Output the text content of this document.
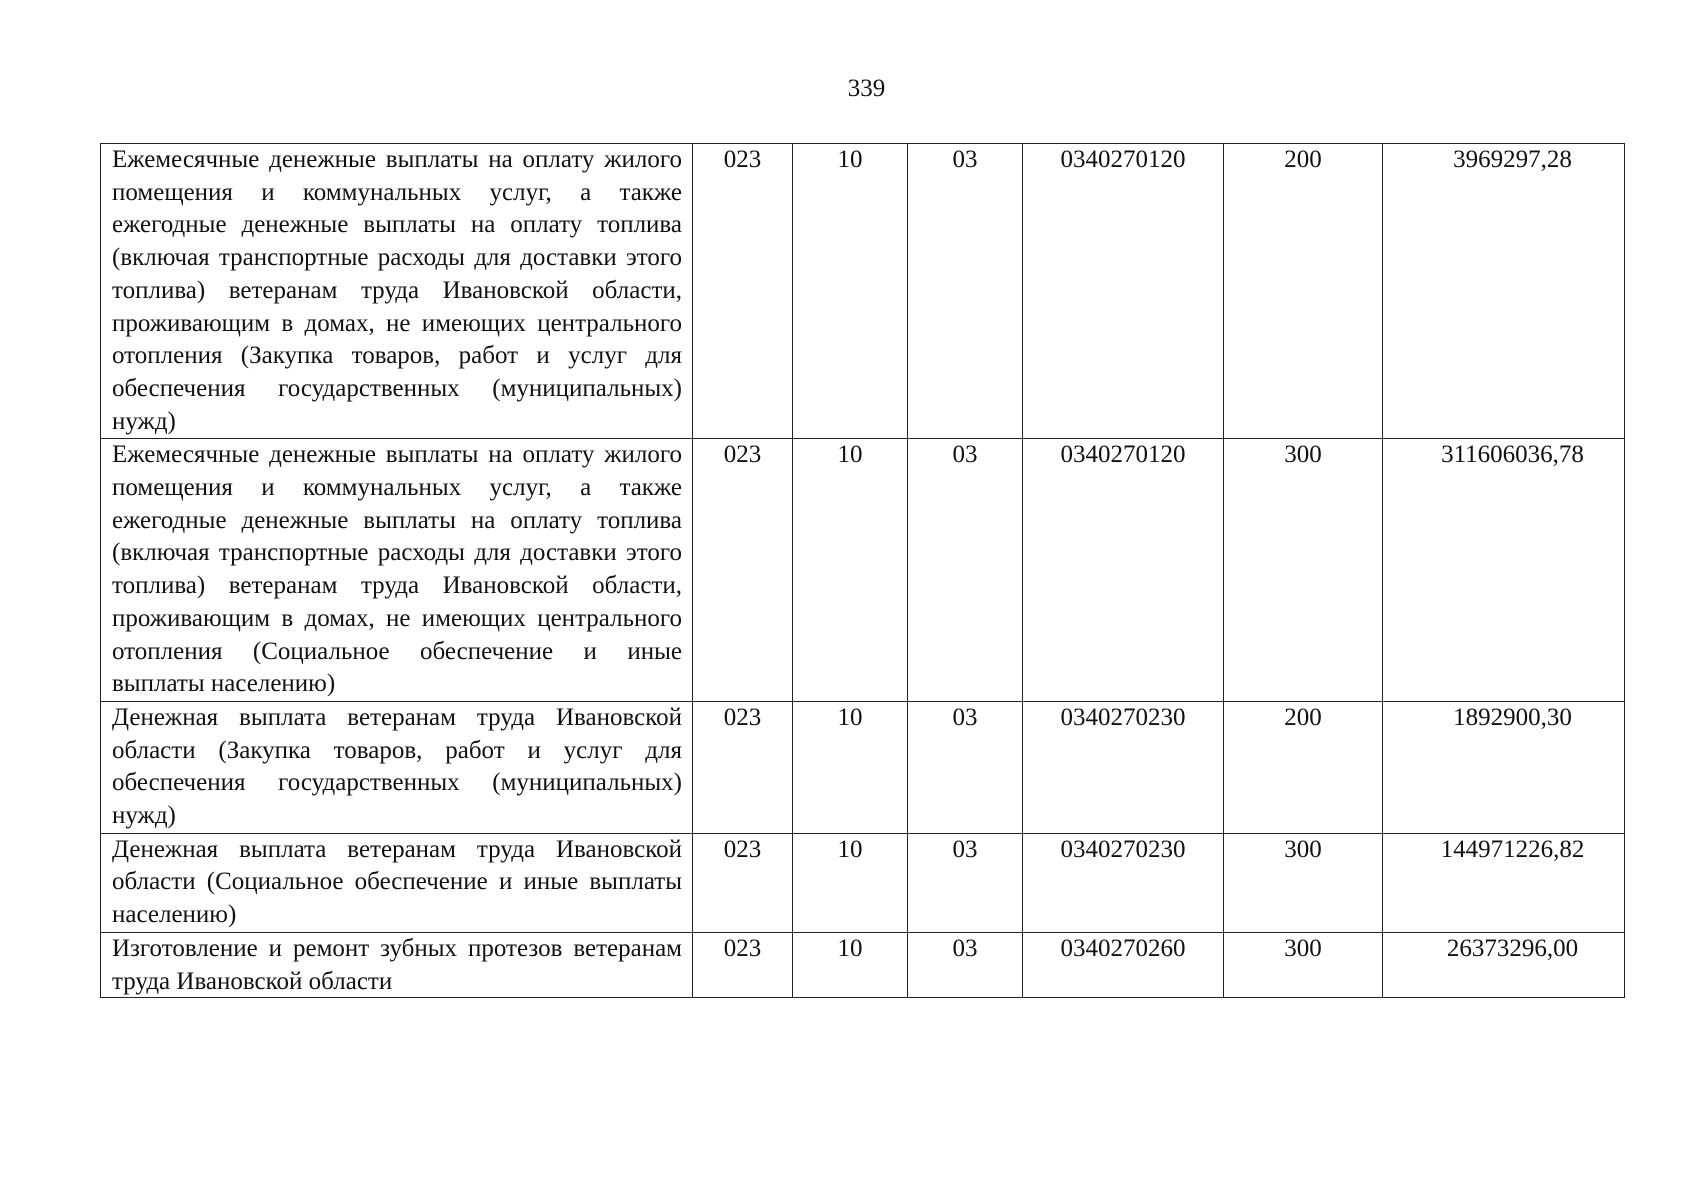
339
Ежемесячные денежные выплаты на оплату жилого помещения и коммунальных услуг, а также ежегодные денежные выплаты на оплату топлива (включая транспортные расходы для доставки этого топлива) ветеранам труда Ивановской области, проживающим в домах, не имеющих центрального отопления (Закупка товаров, работ и услуг для обеспечения государственных (муниципальных) нужд)	023	10	03	0340270120	200	3969297,28
Ежемесячные денежные выплаты на оплату жилого помещения и коммунальных услуг, а также ежегодные денежные выплаты на оплату топлива (включая транспортные расходы для доставки этого топлива) ветеранам труда Ивановской области, проживающим в домах, не имеющих центрального отопления (Социальное обеспечение и иные выплаты населению)	023	10	03	0340270120	300	311606036,78
Денежная выплата ветеранам труда Ивановской области (Закупка товаров, работ и услуг для обеспечения государственных (муниципальных) нужд)	023	10	03	0340270230	200	1892900,30
Денежная выплата ветеранам труда Ивановской области (Социальное обеспечение и иные выплаты населению)	023	10	03	0340270230	300	144971226,82

Изготовление и ремонт зубных протезов ветеранам труда Ивановской области	023	10	03	0340270260	300	26373296,00
